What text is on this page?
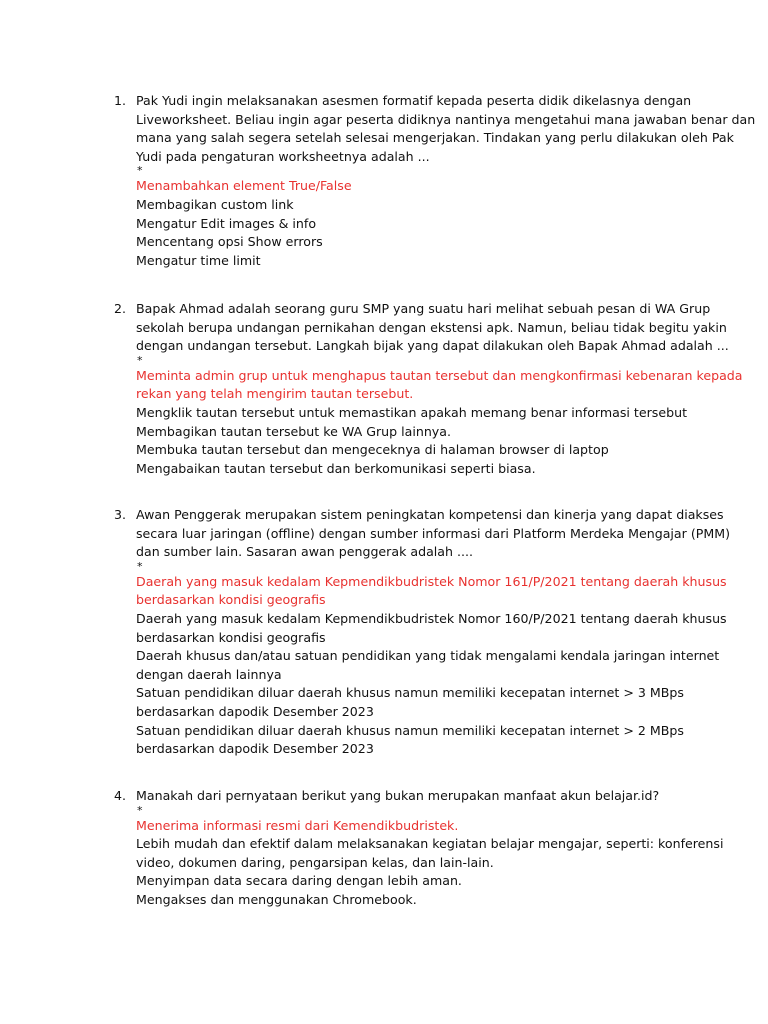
1. Pak Yudi ingin melaksanakan asesmen formatif kepada peserta didik dikelasnya dengan
Liveworksheet. Beliau ingin agar peserta didiknya nantinya mengetahui mana jawaban benar dan
mana yang salah segera setelah selesai mengerjakan. Tindakan yang perlu dilakukan oleh Pak
Yudi pada pengaturan worksheetnya adalah ...
*
Menambahkan element True/False
Membagikan custom link
Mengatur Edit images & info
Mencentang opsi Show errors
Mengatur time limit
2. Bapak Ahmad adalah seorang guru SMP yang suatu hari melihat sebuah pesan di WA Grup
sekolah berupa undangan pernikahan dengan ekstensi apk. Namun, beliau tidak begitu yakin
dengan undangan tersebut. Langkah bijak yang dapat dilakukan oleh Bapak Ahmad adalah ...
*
Meminta admin grup untuk menghapus tautan tersebut dan mengkonfirmasi kebenaran kepada
rekan yang telah mengirim tautan tersebut.
Mengklik tautan tersebut untuk memastikan apakah memang benar informasi tersebut
Membagikan tautan tersebut ke WA Grup lainnya.
Membuka tautan tersebut dan mengeceknya di halaman browser di laptop
Mengabaikan tautan tersebut dan berkomunikasi seperti biasa.
3. Awan Penggerak merupakan sistem peningkatan kompetensi dan kinerja yang dapat diakses
secara luar jaringan (offline) dengan sumber informasi dari Platform Merdeka Mengajar (PMM)
dan sumber lain. Sasaran awan penggerak adalah ....
*
Daerah yang masuk kedalam Kepmendikbudristek Nomor 161/P/2021 tentang daerah khusus
berdasarkan kondisi geografis
Daerah yang masuk kedalam Kepmendikbudristek Nomor 160/P/2021 tentang daerah khusus
berdasarkan kondisi geografis
Daerah khusus dan/atau satuan pendidikan yang tidak mengalami kendala jaringan internet
dengan daerah lainnya
Satuan pendidikan diluar daerah khusus namun memiliki kecepatan internet > 3 MBps
berdasarkan dapodik Desember 2023
Satuan pendidikan diluar daerah khusus namun memiliki kecepatan internet > 2 MBps
berdasarkan dapodik Desember 2023
4. Manakah dari pernyataan berikut yang bukan merupakan manfaat akun belajar.id?
*
Menerima informasi resmi dari Kemendikbudristek.
Lebih mudah dan efektif dalam melaksanakan kegiatan belajar mengajar, seperti: konferensi
video, dokumen daring, pengarsipan kelas, dan lain-lain.
Menyimpan data secara daring dengan lebih aman.
Mengakses dan menggunakan Chromebook.
